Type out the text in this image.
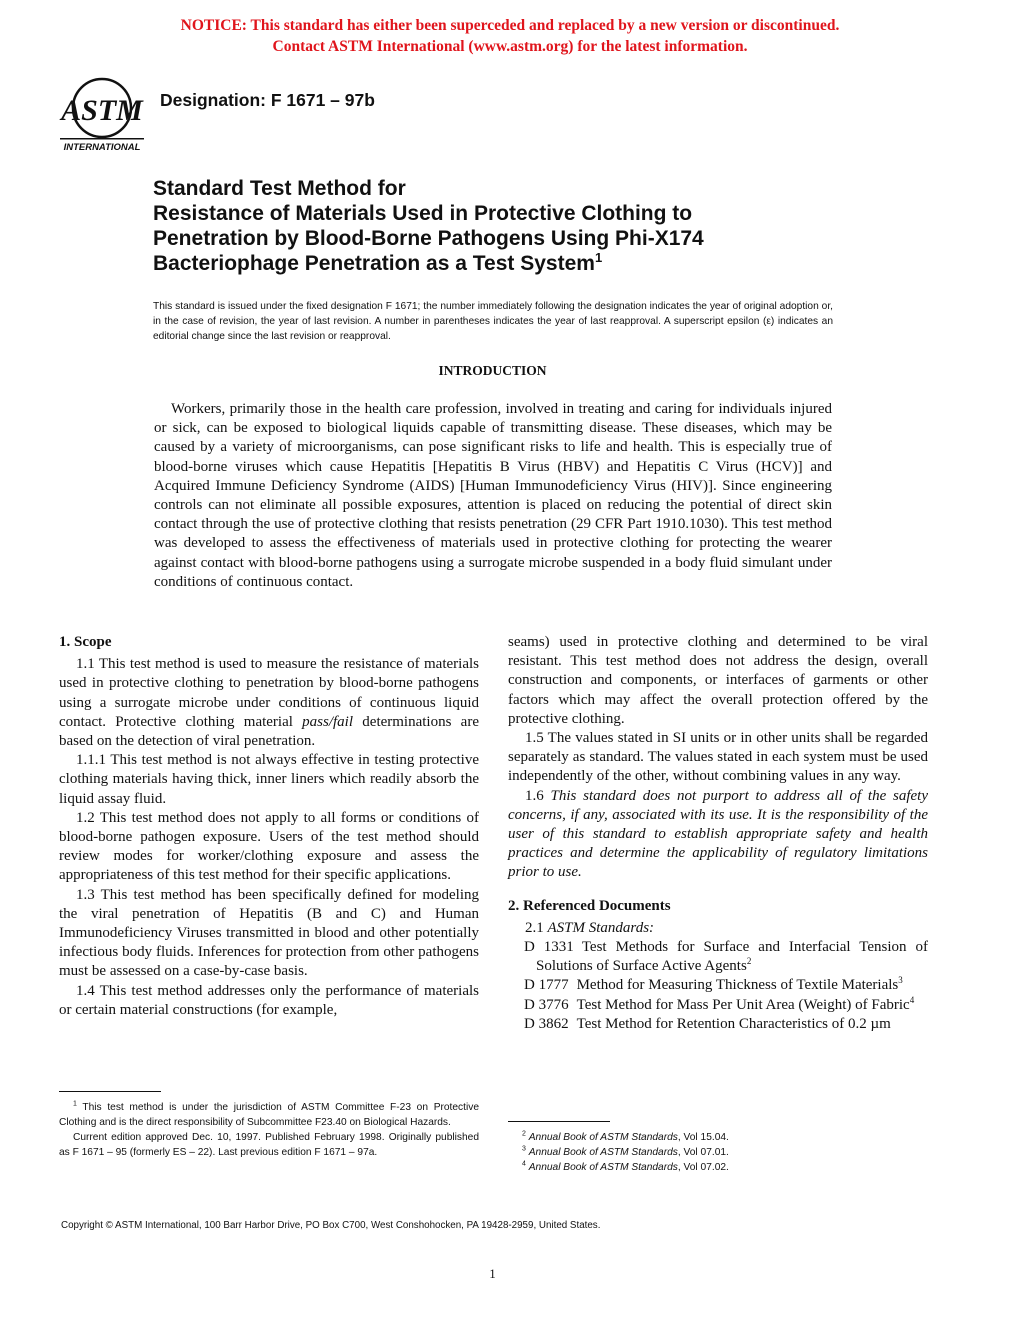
NOTICE: This standard has either been superceded and replaced by a new version or discontinued.
Contact ASTM International (www.astm.org) for the latest information.
ASTM
INTERNATIONAL
Designation: F 1671 – 97b
Standard Test Method for
Resistance of Materials Used in Protective Clothing to
Penetration by Blood-Borne Pathogens Using Phi-X174
Bacteriophage Penetration as a Test System$^1$
This standard is issued under the fixed designation F 1671; the number immediately following the designation indicates the year of original adoption or, in the case of revision, the year of last revision. A number in parentheses indicates the year of last reapproval. A superscript epsilon (ε) indicates an editorial change since the last revision or reapproval.
INTRODUCTION
Workers, primarily those in the health care profession, involved in treating and caring for individuals injured or sick, can be exposed to biological liquids capable of transmitting disease. These diseases, which may be caused by a variety of microorganisms, can pose significant risks to life and health. This is especially true of blood-borne viruses which cause Hepatitis [Hepatitis B Virus (HBV) and Hepatitis C Virus (HCV)] and Acquired Immune Deficiency Syndrome (AIDS) [Human Immunodeficiency Virus (HIV)]. Since engineering controls can not eliminate all possible exposures, attention is placed on reducing the potential of direct skin contact through the use of protective clothing that resists penetration (29 CFR Part 1910.1030). This test method was developed to assess the effectiveness of materials used in protective clothing for protecting the wearer against contact with blood-borne pathogens using a surrogate microbe suspended in a body fluid simulant under conditions of continuous contact.

1. Scope

1.1 This test method is used to measure the resistance of materials used in protective clothing to penetration by blood-borne pathogens using a surrogate microbe under conditions of continuous liquid contact. Protective clothing material pass/fail determinations are based on the detection of viral penetration.

1.1.1 This test method is not always effective in testing protective clothing materials having thick, inner liners which readily absorb the liquid assay fluid.

1.2 This test method does not apply to all forms or conditions of blood-borne pathogen exposure. Users of the test method should review modes for worker/clothing exposure and assess the appropriateness of this test method for their specific applications.

1.3 This test method has been specifically defined for modeling the viral penetration of Hepatitis (B and C) and Human Immunodeficiency Viruses transmitted in blood and other potentially infectious body fluids. Inferences for protection from other pathogens must be assessed on a case-by-case basis.

1.4 This test method addresses only the performance of materials or certain material constructions (for example,

$^1$ This test method is under the jurisdiction of ASTM Committee F-23 on Protective Clothing and is the direct responsibility of Subcommittee F23.40 on Biological Hazards.

Current edition approved Dec. 10, 1997. Published February 1998. Originally published as F 1671 – 95 (formerly ES – 22). Last previous edition F 1671 – 97a.

seams) used in protective clothing and determined to be viral resistant. This test method does not address the design, overall construction and components, or interfaces of garments or other factors which may affect the overall protection offered by the protective clothing.

1.5 The values stated in SI units or in other units shall be regarded separately as standard. The values stated in each system must be used independently of the other, without combining values in any way.

1.6 This standard does not purport to address all of the safety concerns, if any, associated with its use. It is the responsibility of the user of this standard to establish appropriate safety and health practices and determine the applicability of regulatory limitations prior to use.

2. Referenced Documents

2.1 ASTM Standards:

D 1331 Test Methods for Surface and Interfacial Tension of Solutions of Surface Active Agents$^2$

D 1777 Method for Measuring Thickness of Textile Materials$^3$

D 3776 Test Method for Mass Per Unit Area (Weight) of Fabric$^4$

D 3862 Test Method for Retention Characteristics of 0.2 µm

$^2$ Annual Book of ASTM Standards, Vol 15.04.

$^3$ Annual Book of ASTM Standards, Vol 07.01.

$^4$ Annual Book of ASTM Standards, Vol 07.02.

Copyright © ASTM International, 100 Barr Harbor Drive, PO Box C700, West Conshohocken, PA 19428-2959, United States.
1
